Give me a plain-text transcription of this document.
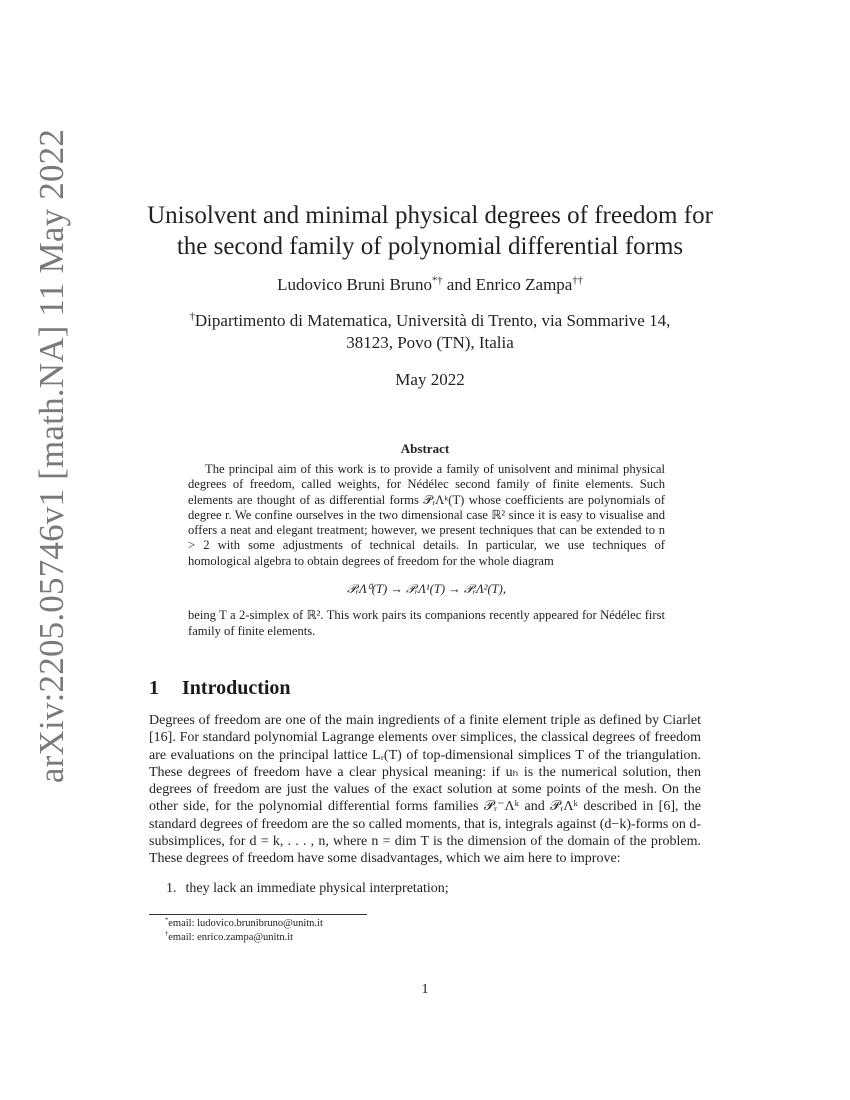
arXiv:2205.05746v1 [math.NA] 11 May 2022	Unisolvent and minimal physical degrees of freedom for
the second family of polynomial differential forms
Ludovico Bruni Bruno*† and Enrico Zampa††
†Dipartimento di Matematica, Università di Trento, via Sommarive 14,
38123, Povo (TN), Italia
May 2022
Abstract

The principal aim of this work is to provide a family of unisolvent and minimal physical degrees of freedom, called weights, for Nédélec second family of finite elements. Such elements are thought of as differential forms 𝒫ᵣΛᵏ(T) whose coefficients are polynomials of degree r. We confine ourselves in the two dimensional case ℝ² since it is easy to visualise and offers a neat and elegant treatment; however, we present techniques that can be extended to n > 2 with some adjustments of technical details. In particular, we use techniques of homological algebra to obtain degrees of freedom for the whole diagram

𝒫ᵣΛ⁰(T) → 𝒫ᵣΛ¹(T) → 𝒫ᵣΛ²(T),

being T a 2-simplex of ℝ². This work pairs its companions recently appeared for Nédélec first family of finite elements.

1 Introduction

Degrees of freedom are one of the main ingredients of a finite element triple as defined by Ciarlet [16]. For standard polynomial Lagrange elements over simplices, the classical degrees of freedom are evaluations on the principal lattice Lᵣ(T) of top-dimensional simplices T of the triangulation. These degrees of freedom have a clear physical meaning: if uₕ is the numerical solution, then degrees of freedom are just the values of the exact solution at some points of the mesh. On the other side, for the polynomial differential forms families 𝒫ᵣ⁻Λᵏ and 𝒫ᵣΛᵏ described in [6], the standard degrees of freedom are the so called moments, that is, integrals against (d−k)-forms on d-subsimplices, for d = k, . . . , n, where n = dim T is the dimension of the domain of the problem. These degrees of freedom have some disadvantages, which we aim here to improve:

1. they lack an immediate physical interpretation;
*email: ludovico.brunibruno@unitn.it
†email: enrico.zampa@unitn.it
1
